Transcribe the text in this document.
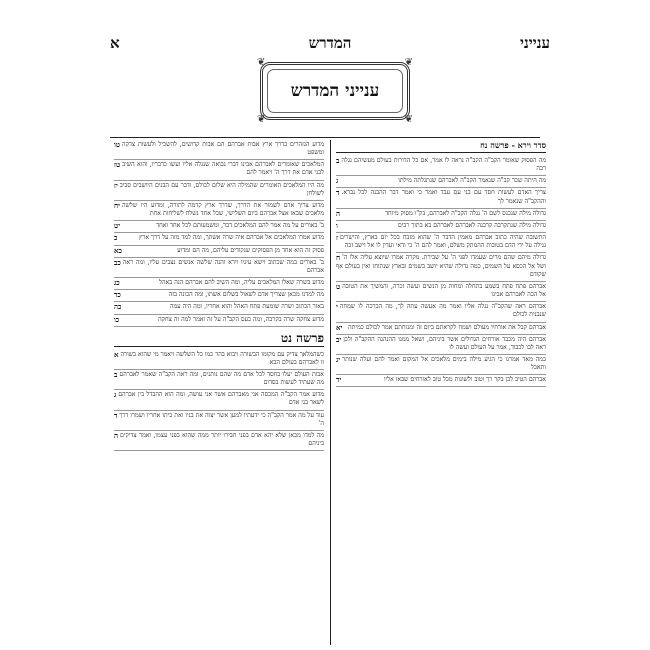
ענייני
המדרש
א
❦	❦
❦	❦
ענייני המדרש
סדר וירא - פרשה נח
ב מה הפסוק שאומר הקב"ה הקב"ה נראה לו אמר, אם כל הדורות בעולם מעשיהם נגלה רבה
ג	מה היתה שכר קב"ה שנאמר הקב"ה לאברהם שנתגלתה מילתו
ד צריך האדם לעשות חסד עם בני עם עבד ואמר כי ואמר דבר ההבנה לכל נברא. וההקב"ה שנאמר לך
ה	גדולה מילה שנכנס לשם ה' נגלה הקב"ה לאברהם, בק"ו מסוק מיוחד
ו	גדולה מילה שנתקרבה קרבנה לאברהם לאברהם בא בתוך רבים
ז התשובה שהיה כתוב אברהם מאמין הדבר ה' שהוא מזבח בכל יום בארץ, והישרים נגילה על ידי הדם בטובות ההמתק משלם, ואמר להם ה' כי ודאי ועדין לו אל וישב זכה
ח גדולה מיהם שהם מרים שעמדו לפני ה' על שבירת. מקרה אמרו שיוצא עליה אלו ה' ושל אל הכסא על השמים, כמה גדולה שהיא יושב בשמים ובארץ שנתוחו ואין בעולם אף שקודם
ט אברהם פתח פתח בשמע בתחלה ומחות מן הנשים ועשה זכרה, והמשיך את הטובה אל הכה לאברהם אבינו
י אברהם ראה שהקב"ה נגלה אליו ואמר מה אעשה עתה לך, מה הברכה לו שמחה שנבנית לכולם
יא אברהם קבל את אורחיו מעולם ושמח לקראתם ביום זה ומנוחתם אמר לכולם כמיתה
יב אברהם היה מכבד אורחים הגדולים אשר ביניהם, ושאל ממנו ההנהגה ההקב"ה ולכן ראה לבו לכבוד, אמר על העולם ועשה לו
יג כמה מאד אמרנו כי הגיע מילה בימים מלאכים אל המקום ואמר להם ועלה שנותר ותאכל
יד	אברהם הטיב לבן בקר רך וטוב ולשונות מכל טוב לאורחים שבאו אליו
טו מדוע הנזהרים בדרך ארץ אבות אברהם הם אבות קדושים, להשכיל ולעשות צדקה ומשפט
טז המלאכים שאומרים לאברהם אבינו דברי נבואה שנגלה אליו ועשו כדבריו, והוא השיב לבני אדם את דרך ה' ויאמר להם
יז מה היו המלאכים האומרים שהמילה היא שלום לכולם, ודבר עם הבנים היושבים סביב לשולחן
יח מדוע צריך אדם לשמור את הדרך, שדרך ארץ קדמה לתורה, ומדוע היו שלשה מלאכים שבאו אצל אברהם ביום השלישי, שכל אחד נשלח לשליחות אחת
יט	ב' באורים על מה אמר להם המלאכים דבר, ומשמעותם לכל אחד ואחד
כ	מדוע אמרו המלאכים אל אברהם איה שרה אשתך, ומה למד מזה על דרך ארץ
כא	פסוק זה הוא אחד מן הפסוקים שנקודים עליהם, מה הם ומדוע
כב ב' באורים במה שכתוב וישא עיניו וירא והנה שלשה אנשים נצבים עליו, ומה ראה אברהם
כג	מדוע בשרה שאלו המלאכים עליה, ומה השיב להם אברהם הנה באהל
כד	מה למדנו מכאן שצריך אדם לשאול בשלום אשתו, ומה הכונה בזה
כה	באור הכתוב ושרה שומעת פתח האהל והוא אחריו, ומה היה עמה
כו	מדוע צחקה שרה בקרבה, ומה כעס הקב"ה על זה ואמר למה זה צחקה
פרשה נט
א כשהמלאך צדיק עם מקומו הבשורה ויבוא בהר כמו כל השלשה ויאמר מי שהוא בשורה זו לאברהם בעולם הבא
ב אבות העולם יעלו בחסד לכל אדם מה שהם נותנים, ומה ראה הקב"ה שאמר לאברהם מה שעתיד לעשות בסדום
ג מדוע אמר הקב"ה המכסה אני מאברהם אשר אני עושה, ומה הוא ההבדל בין אברהם לשאר בני אדם
ד עוד על מה אמר הקב"ה כי ידעתיו למען אשר יצוה את בניו ואת ביתו אחריו ושמרו דרך ה'
ה מה למדו מכאן שלא יהא אדם בפני חבירו יותר ממה שהוא בפני עצמו, ואמר צדיקים ביניהם
